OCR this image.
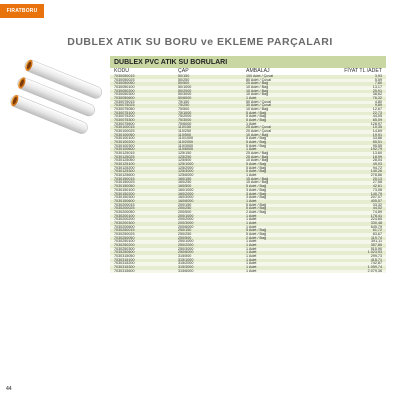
FIRATBORU
DUBLEX ATIK SU BORU ve EKLEME PARÇALARI
DUBLEX PVC ATIK SU BORULARI
KODU	ÇAP	AMBALAJ	FİYAT TL /ADET
7030050015	50/150	100 Adet / Çuval	3,93
7030050025	50/250	80 Adet / Çuval	5,59
7030050050	50/500	20 Adet / Bağ	7,80
7030050100	50/1000	10 Adet / Bağ	13,17
7030050200	50/2000	10 Adet / Bağ	25,91
7030050300	50/3000	10 Adet / Bağ	38,62
7030050600	50/6000	1 Adet	76,32
7030075015	75/150	50 Adet / Çuval	4,80
7030075025	75/250	30 Adet / Çuval	9,89
7030075050	75/500	10 Adet / Bağ	12,67
7030075100	75/1000	5 Adet / Bağ	22,73
7030075200	75/2000	5 Adet / Bağ	44,05
7030075300	75/3000	5 Adet / Bağ	65,09
7030075600	75/6000	1 Adet	128,97
7030100015	110/150	25 Adet / Çuval	10,35
7030100025	110/250	20 Adet / Çuval	14,69
7030100050	110/500	10 Adet / Bağ	19,91
7030100100	110/1000	5 Adet / Bağ	33,86
7030100200	110/2000	5 Adet / Bağ	65,51
7030100300	110/3000	5 Adet / Bağ	95,55
7030100600	110/6000	1 Adet	192,79
7030125015	125/150	25 Adet / Bağ	13,60
7030125025	125/250	25 Adet / Bağ	18,99
7030125050	125/500	10 Adet / Bağ	28,04
7030125100	125/1000	5 Adet / Bağ	49,03
7030125200	125/2000	5 Adet / Bağ	94,72
7030125300	125/3000	5 Adet / Bağ	140,26
7030125600	125/6000	1 Adet	278,86
7030150015	160/150	15 Adet / Bağ	20,13
7030150025	160/250	15 Adet / Bağ	27,58
7030150050	160/500	5 Adet / Bağ	42,61
7030150100	160/1000	3 Adet / Bağ	73,08
7030150200	160/2000	3 Adet / Bağ	140,79
7030150300	160/3000	3 Adet / Bağ	207,07
7030150600	160/6000	1 Adet	405,57
7030200015	200/150	5 Adet / Bağ	33,32
7030200025	200/250	5 Adet / Bağ	44,02
7030200050	200/500	2 Adet / Bağ	74,89
7030200100	200/1000	1 Adet	178,41
7030200200	200/2000	1 Adet	224,65
7030200300	200/3000	1 Adet	330,48
7030200600	200/6000	1 Adet	645,79
7030250015	250/150	5 Adet / Bağ	61,72
7030250025	250/250	5 Adet / Bağ	83,67
7030250050	250/500	2 Adet / Bağ	119,74
7030250100	250/1000	1 Adet	391,11
7030250200	250/2000	1 Adet	357,85
7030250300	250/3000	1 Adet	515,90
7030250600	250/6000	1 Adet	1.023,93
7030315050	315/500	1 Adet	299,73
7030315100	315/1000	1 Adet	415,71
7030315200	315/2000	1 Adet	742,87
7030315300	315/3000	1 Adet	1.059,74
7030315600	315/6000	1 Adet	2.079,36
44
